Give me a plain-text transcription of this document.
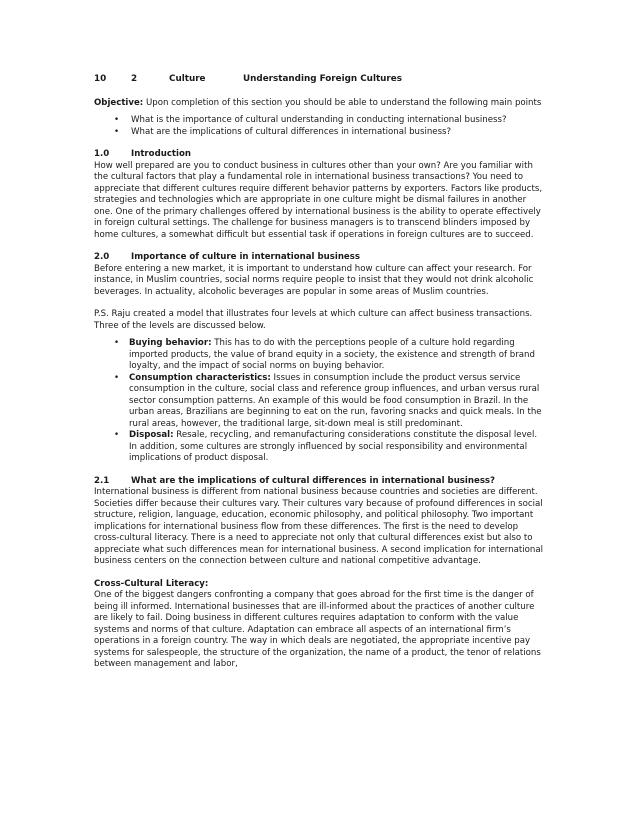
10	2	Culture	Understanding Foreign Cultures

Objective: Upon completion of this section you should be able to understand the following main points

• What is the importance of cultural understanding in conducting international business?
• What are the implications of cultural differences in international business?
1.0	Introduction

How well prepared are you to conduct business in cultures other than your own? Are you familiar with the cultural factors that play a fundamental role in international business transactions? You need to appreciate that different cultures require different behavior patterns by exporters. Factors like products, strategies and technologies which are appropriate in one culture might be dismal failures in another one. One of the primary challenges offered by international business is the ability to operate effectively in foreign cultural settings. The challenge for business managers is to transcend blinders imposed by home cultures, a somewhat difficult but essential task if operations in foreign cultures are to succeed.

2.0	Importance of culture in international business

Before entering a new market, it is important to understand how culture can affect your research. For instance, in Muslim countries, social norms require people to insist that they would not drink alcoholic beverages. In actuality, alcoholic beverages are popular in some areas of Muslim countries.

P.S. Raju created a model that illustrates four levels at which culture can affect business transactions. Three of the levels are discussed below.

• Buying behavior: This has to do with the perceptions people of a culture hold regarding imported products, the value of brand equity in a society, the existence and strength of brand loyalty, and the impact of social norms on buying behavior.
• Consumption characteristics: Issues in consumption include the product versus service consumption in the culture, social class and reference group influences, and urban versus rural sector consumption patterns. An example of this would be food consumption in Brazil. In the urban areas, Brazilians are beginning to eat on the run, favoring snacks and quick meals. In the rural areas, however, the traditional large, sit-down meal is still predominant.
• Disposal: Resale, recycling, and remanufacturing considerations constitute the disposal level. In addition, some cultures are strongly influenced by social responsibility and environmental implications of product disposal.
2.1	What are the implications of cultural differences in international business?

International business is different from national business because countries and societies are different. Societies differ because their cultures vary. Their cultures vary because of profound differences in social structure, religion, language, education, economic philosophy, and political philosophy. Two important implications for international business flow from these differences. The first is the need to develop cross-cultural literacy. There is a need to appreciate not only that cultural differences exist but also to appreciate what such differences mean for international business. A second implication for international business centers on the connection between culture and national competitive advantage.

Cross-Cultural Literacy:

One of the biggest dangers confronting a company that goes abroad for the first time is the danger of being ill informed. International businesses that are ill-informed about the practices of another culture are likely to fail. Doing business in different cultures requires adaptation to conform with the value systems and norms of that culture. Adaptation can embrace all aspects of an international firm’s operations in a foreign country. The way in which deals are negotiated, the appropriate incentive pay systems for salespeople, the structure of the organization, the name of a product, the tenor of relations between management and labor,
